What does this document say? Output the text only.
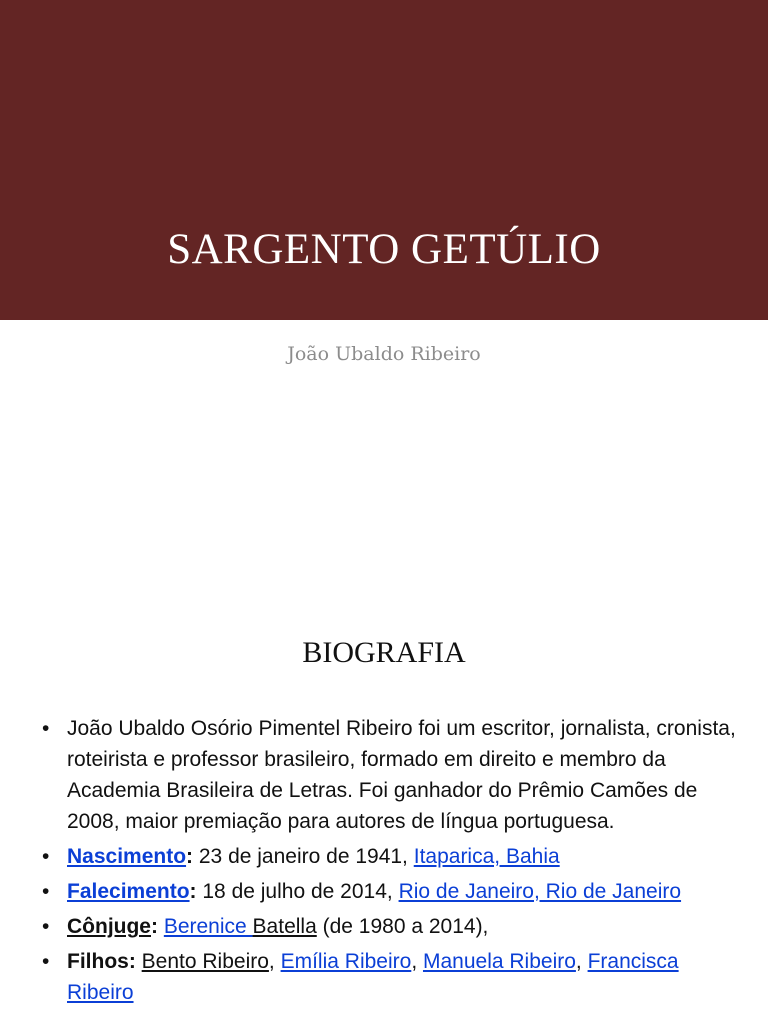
SARGENTO GETÚLIO
João Ubaldo Ribeiro
BIOGRAFIA
• João Ubaldo Osório Pimentel Ribeiro foi um escritor, jornalista, cronista, roteirista e professor brasileiro, formado em direito e membro da Academia Brasileira de Letras. Foi ganhador do Prêmio Camões de 2008, maior premiação para autores de língua portuguesa.
• Nascimento: 23 de janeiro de 1941, Itaparica, Bahia
• Falecimento: 18 de julho de 2014, Rio de Janeiro, Rio de Janeiro
• Cônjuge: Berenice Batella (de 1980 a 2014),
• Filhos: Bento Ribeiro, Emília Ribeiro, Manuela Ribeiro, Francisca Ribeiro
